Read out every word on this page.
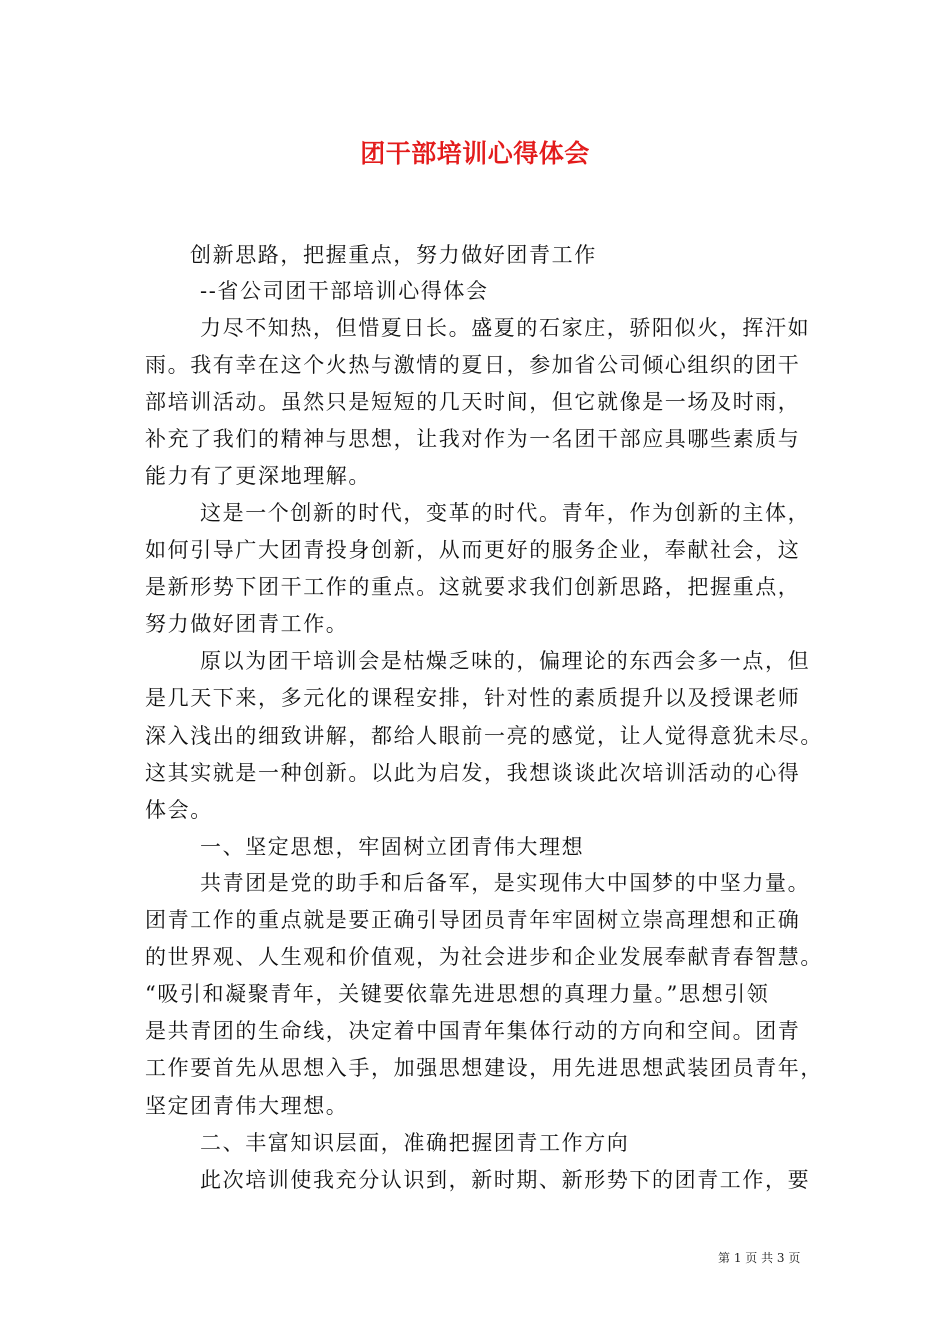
团干部培训心得体会
创新思路，把握重点，努力做好团青工作
--省公司团干部培训心得体会
力尽不知热，但惜夏日长。盛夏的石家庄，骄阳似火，挥汗如
雨。我有幸在这个火热与激情的夏日，参加省公司倾心组织的团干
部培训活动。虽然只是短短的几天时间，但它就像是一场及时雨，
补充了我们的精神与思想，让我对作为一名团干部应具哪些素质与
能力有了更深地理解。
这是一个创新的时代，变革的时代。青年，作为创新的主体，
如何引导广大团青投身创新，从而更好的服务企业，奉献社会，这
是新形势下团干工作的重点。这就要求我们创新思路，把握重点，
努力做好团青工作。
原以为团干培训会是枯燥乏味的，偏理论的东西会多一点，但
是几天下来，多元化的课程安排，针对性的素质提升以及授课老师
深入浅出的细致讲解，都给人眼前一亮的感觉，让人觉得意犹未尽。
这其实就是一种创新。以此为启发，我想谈谈此次培训活动的心得
体会。
一、坚定思想，牢固树立团青伟大理想
共青团是党的助手和后备军，是实现伟大中国梦的中坚力量。
团青工作的重点就是要正确引导团员青年牢固树立崇高理想和正确
的世界观、人生观和价值观，为社会进步和企业发展奉献青春智慧。
“吸引和凝聚青年，关键要依靠先进思想的真理力量。”思想引领
是共青团的生命线，决定着中国青年集体行动的方向和空间。团青
工作要首先从思想入手，加强思想建设，用先进思想武装团员青年，
坚定团青伟大理想。
二、丰富知识层面，准确把握团青工作方向
此次培训使我充分认识到，新时期、新形势下的团青工作，要
第 1 页 共 3 页
